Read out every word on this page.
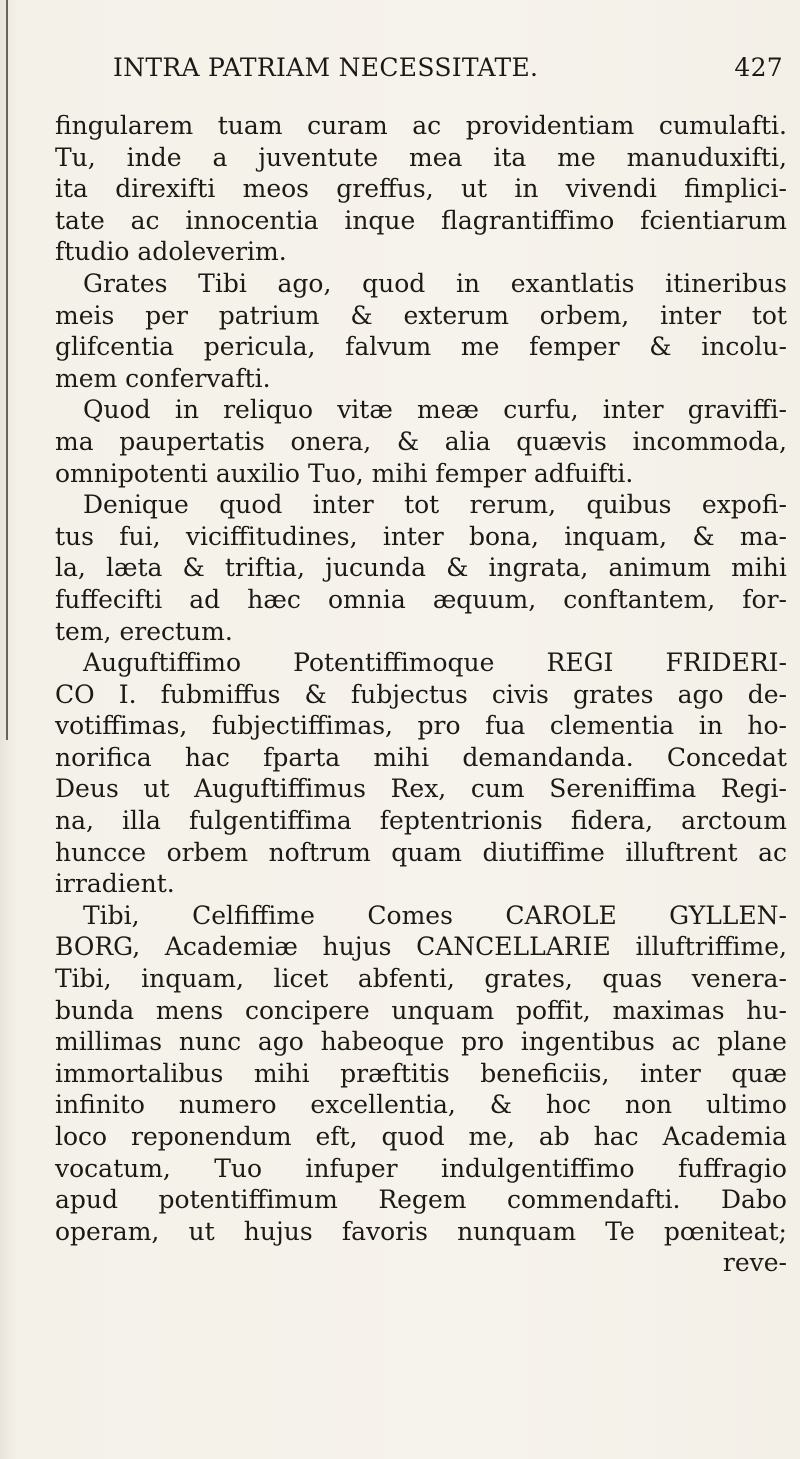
INTRA PATRIAM NECESSITATE.	427
fingularem tuam curam ac providentiam cumulafti.
Tu, inde a juventute mea ita me manuduxifti,
ita direxifti meos greffus, ut in vivendi fimplici-
tate ac innocentia inque flagrantiffimo fcientiarum
ftudio adoleverim.
Grates Tibi ago, quod in exantlatis itineribus
meis per patrium & exterum orbem, inter tot
glifcentia pericula, falvum me femper & incolu-
mem confervafti.
Quod in reliquo vitæ meæ curfu, inter graviffi-
ma paupertatis onera, & alia quævis incommoda,
omnipotenti auxilio Tuo, mihi femper adfuifti.
Denique quod inter tot rerum, quibus expofi-
tus fui, viciffitudines, inter bona, inquam, & ma-
la, læta & triftia, jucunda & ingrata, animum mihi
fuffecifti ad hæc omnia æquum, conftantem, for-
tem, erectum.
Auguftiffimo Potentiffimoque REGI FRIDERI-
CO I. fubmiffus & fubjectus civis grates ago de-
votiffimas, fubjectiffimas, pro fua clementia in ho-
norifica hac fparta mihi demandanda. Concedat
Deus ut Auguftiffimus Rex, cum Sereniffima Regi-
na, illa fulgentiffima feptentrionis fidera, arctoum
huncce orbem noftrum quam diutiffime illuftrent ac
irradient.
Tibi, Celfiffime Comes CAROLE GYLLEN-
BORG, Academiæ hujus CANCELLARIE illuftriffime,
Tibi, inquam, licet abfenti, grates, quas venera-
bunda mens concipere unquam poffit, maximas hu-
millimas nunc ago habeoque pro ingentibus ac plane
immortalibus mihi præftitis beneficiis, inter quæ
infinito numero excellentia, & hoc non ultimo
loco reponendum eft, quod me, ab hac Academia
vocatum, Tuo infuper indulgentiffimo fuffragio
apud potentiffimum Regem commendafti. Dabo
operam, ut hujus favoris nunquam Te pœniteat;
reve-
